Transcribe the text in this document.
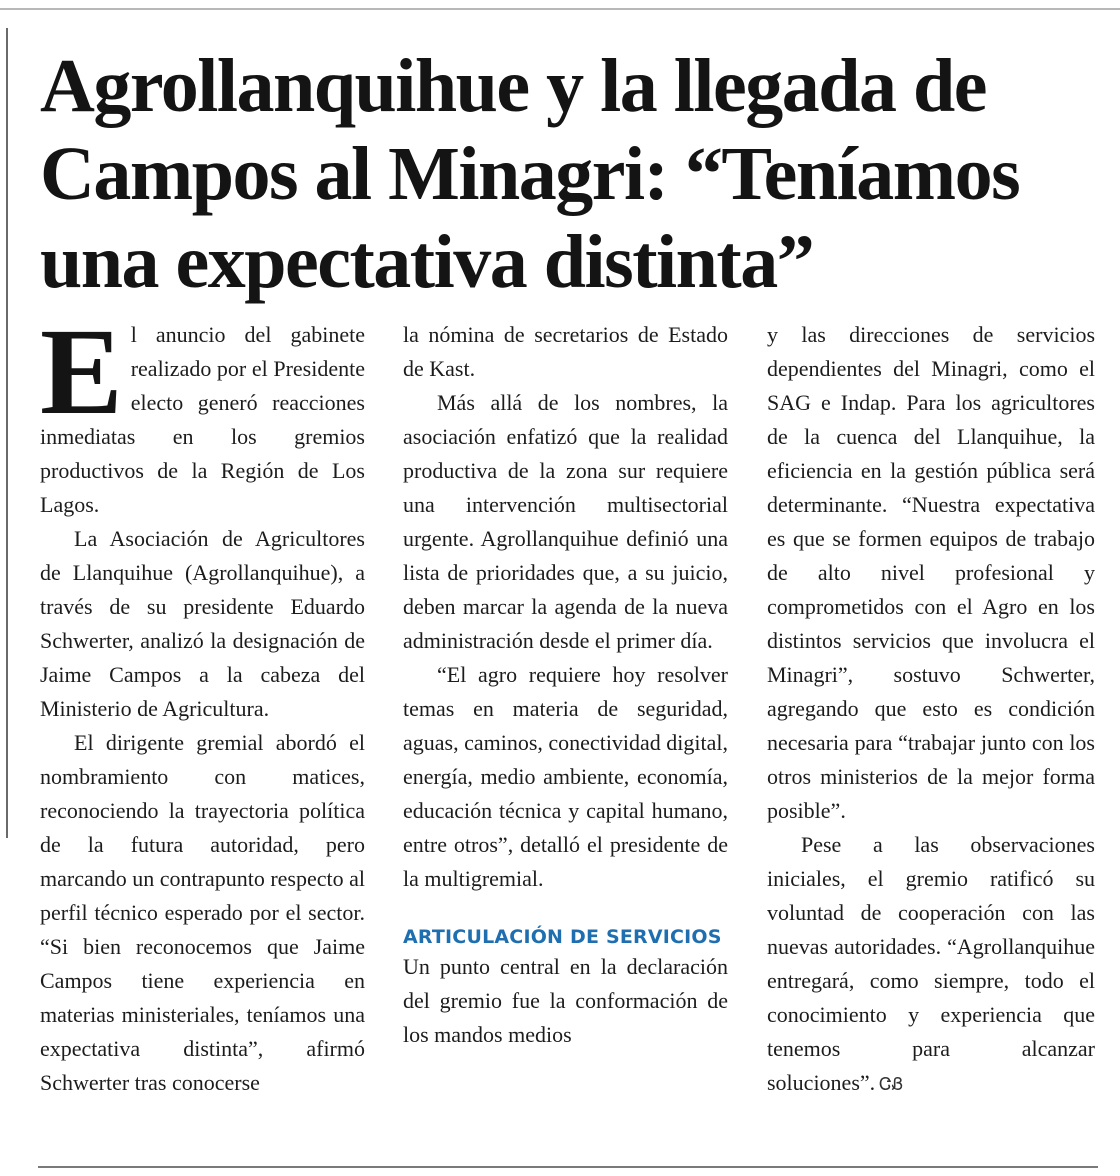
Agrollanquihue y la llegada de
Campos al Minagri: “Teníamos
una expectativa distinta”

El anuncio del gabinete realizado por el Presidente electo generó reacciones inmediatas en los gremios productivos de la Región de Los Lagos.

La Asociación de Agricultores de Llanquihue (Agrollanquihue), a través de su presidente Eduardo Schwerter, analizó la designación de Jaime Campos a la cabeza del Ministerio de Agricultura.

El dirigente gremial abordó el nombramiento con matices, reconociendo la trayectoria política de la futura autoridad, pero marcando un contrapunto respecto al perfil técnico esperado por el sector. “Si bien reconocemos que Jaime Campos tiene experiencia en materias ministeriales, teníamos una expectativa distinta”, afirmó Schwerter tras conocerse

la nómina de secretarios de Estado de Kast.

Más allá de los nombres, la asociación enfatizó que la realidad productiva de la zona sur requiere una intervención multisectorial urgente. Agrollanquihue definió una lista de prioridades que, a su juicio, deben marcar la agenda de la nueva administración desde el primer día.

“El agro requiere hoy resolver temas en materia de seguridad, aguas, caminos, conectividad digital, energía, medio ambiente, economía, educación técnica y capital humano, entre otros”, detalló el presidente de la multigremial.

ARTICULACIÓN DE SERVICIOS

Un punto central en la declaración del gremio fue la conformación de los mandos medios

y las direcciones de servicios dependientes del Minagri, como el SAG e Indap. Para los agricultores de la cuenca del Llanquihue, la eficiencia en la gestión pública será determinante. “Nuestra expectativa es que se formen equipos de trabajo de alto nivel profesional y comprometidos con el Agro en los distintos servicios que involucra el Minagri”, sostuvo Schwerter, agregando que esto es condición necesaria para “trabajar junto con los otros ministerios de la mejor forma posible”.

Pese a las observaciones iniciales, el gremio ratificó su voluntad de cooperación con las nuevas autoridades. “Agrollanquihue entregará, como siempre, todo el conocimiento y experiencia que tenemos para alcanzar soluciones”. ᏣᏰ
